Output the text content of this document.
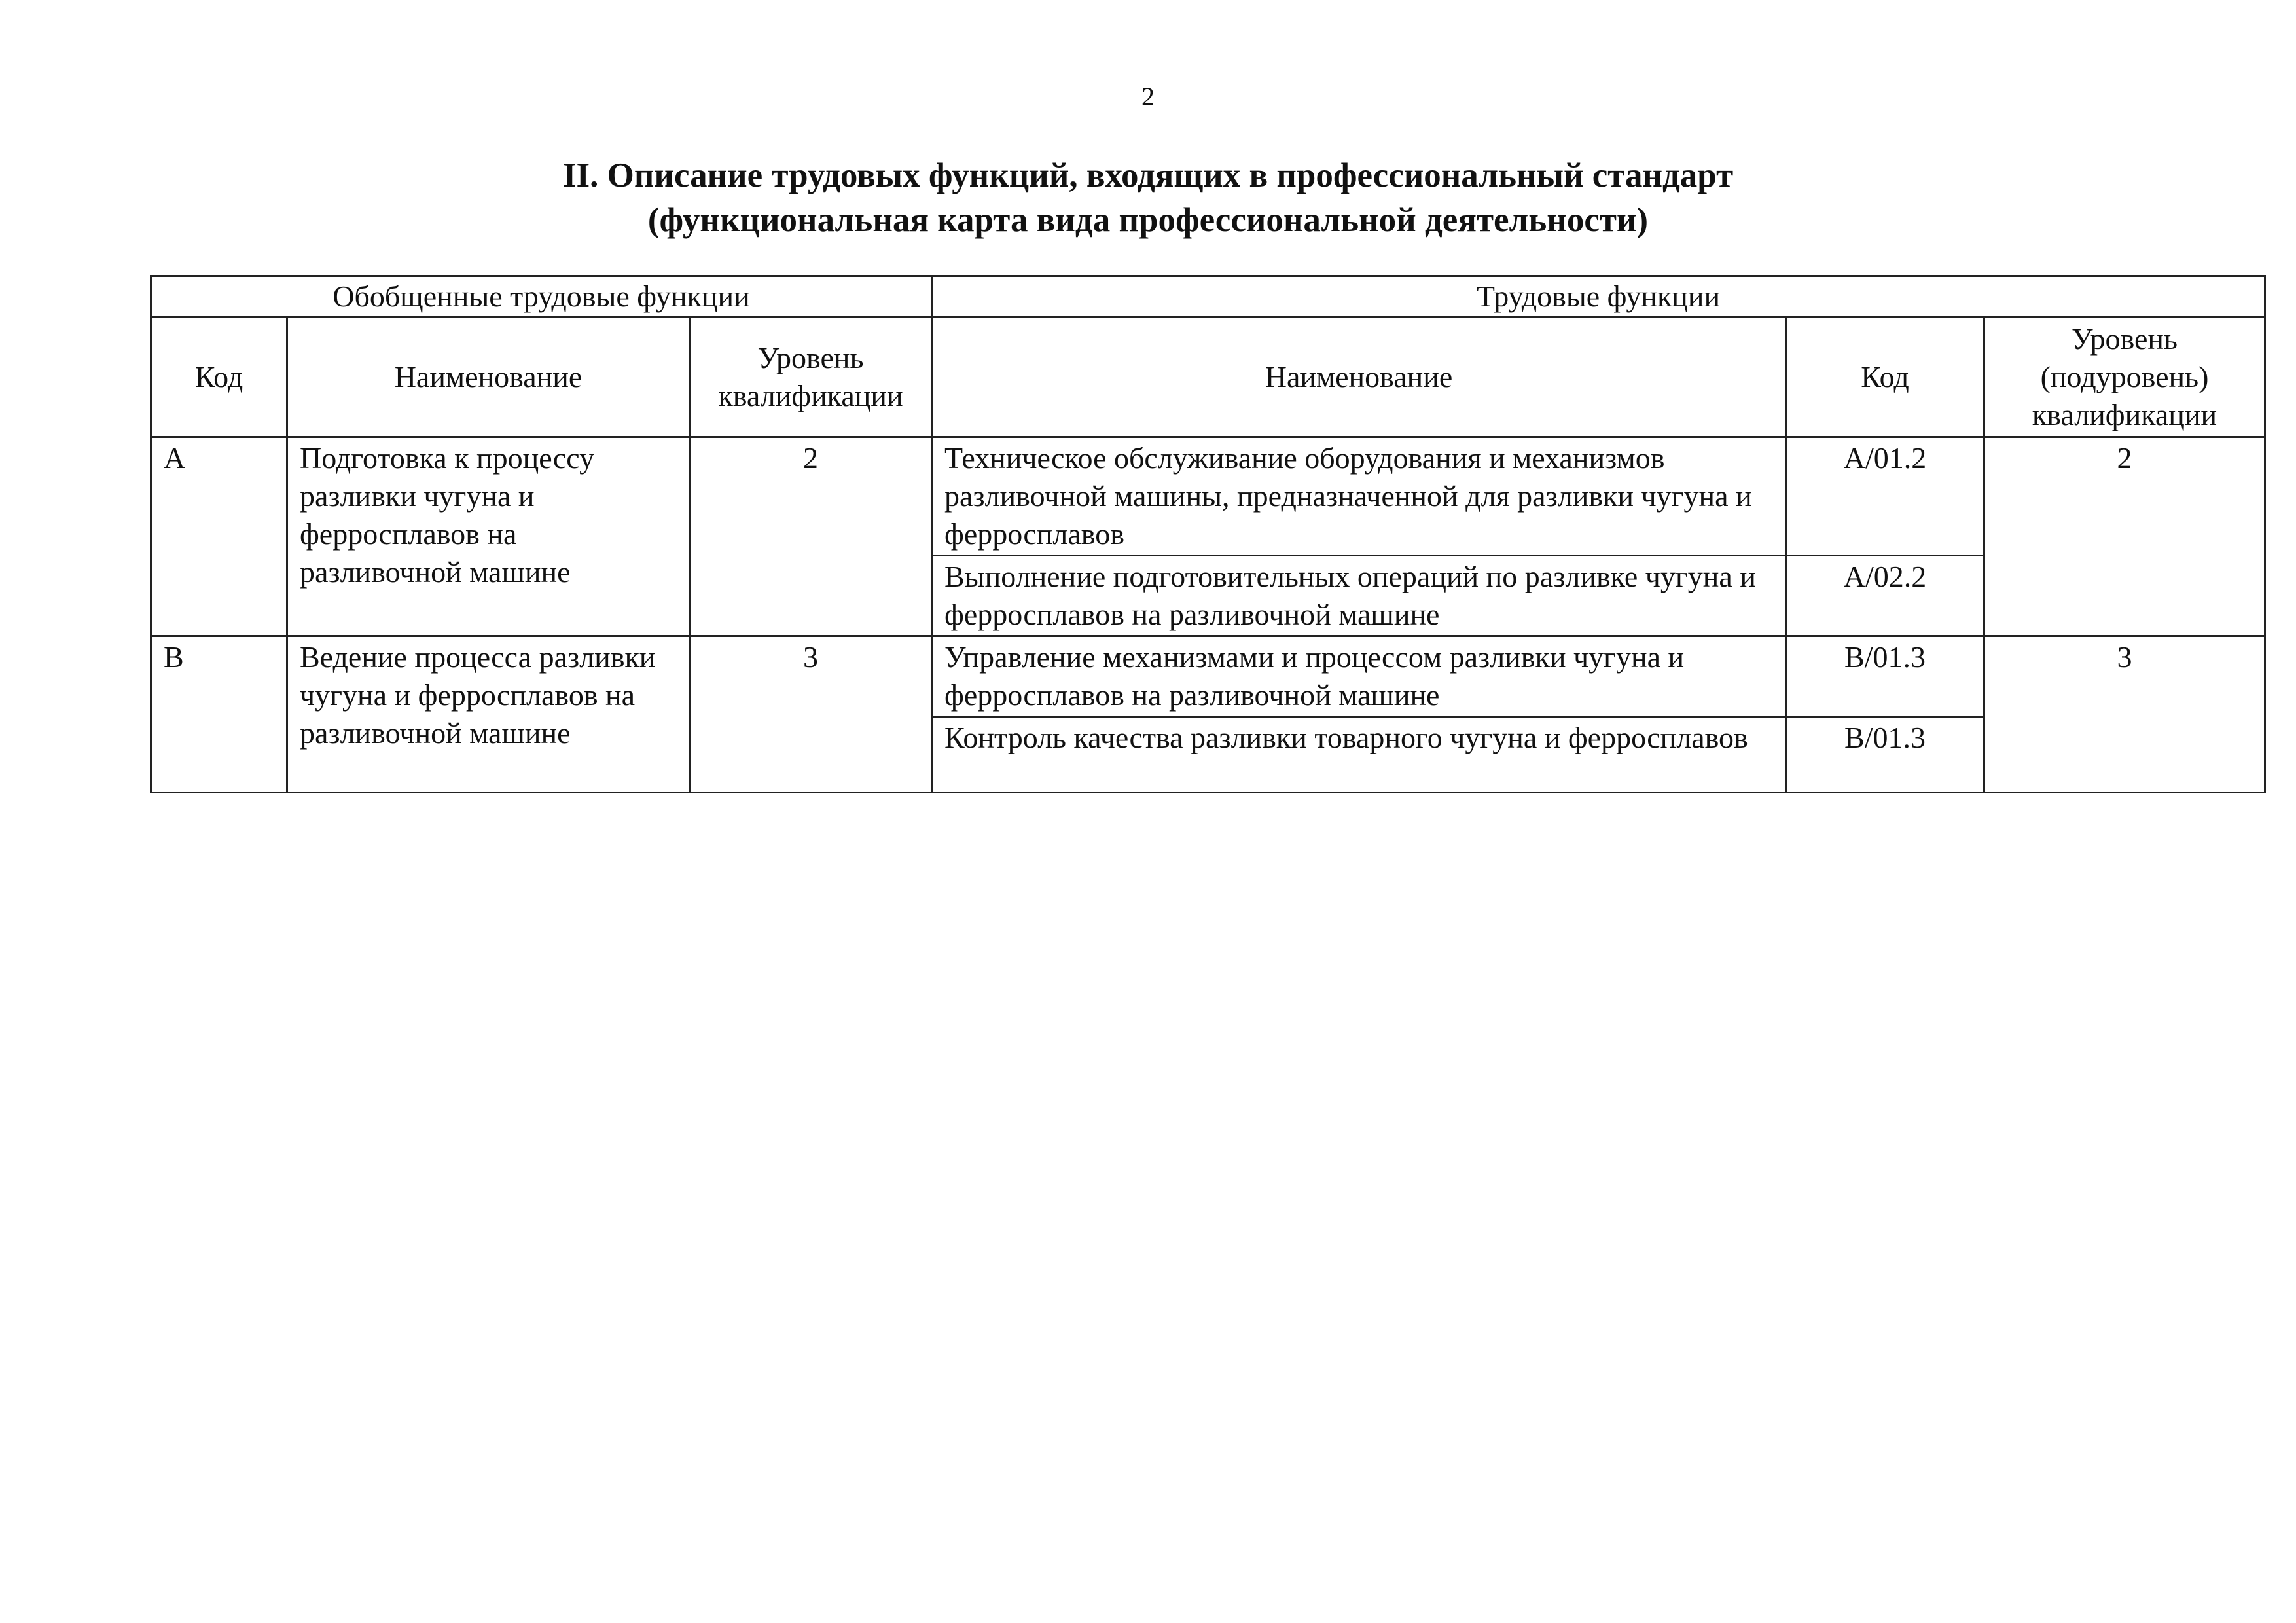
2
II. Описание трудовых функций, входящих в профессиональный стандарт
(функциональная карта вида профессиональной деятельности)
Обобщенные трудовые функции			Трудовые функции		
Код	Наименование	Уровень квалификации	Наименование	Код	Уровень (подуровень) квалификации
А	Подготовка к процессу разливки чугуна и ферросплавов на разливочной машине	2	Техническое обслуживание оборудования и механизмов разливочной машины, предназначенной для разливки чугуна и ферросплавов	А/01.2	2
			Выполнение подготовительных операций по разливке чугуна и ферросплавов на разливочной машине	А/02.2	
В	Ведение процесса разливки чугуна и ферросплавов на разливочной машине	3	Управление механизмами и процессом разливки чугуна и ферросплавов на разливочной машине	В/01.3	3
			Контроль качества разливки товарного чугуна и ферросплавов	В/01.3	
